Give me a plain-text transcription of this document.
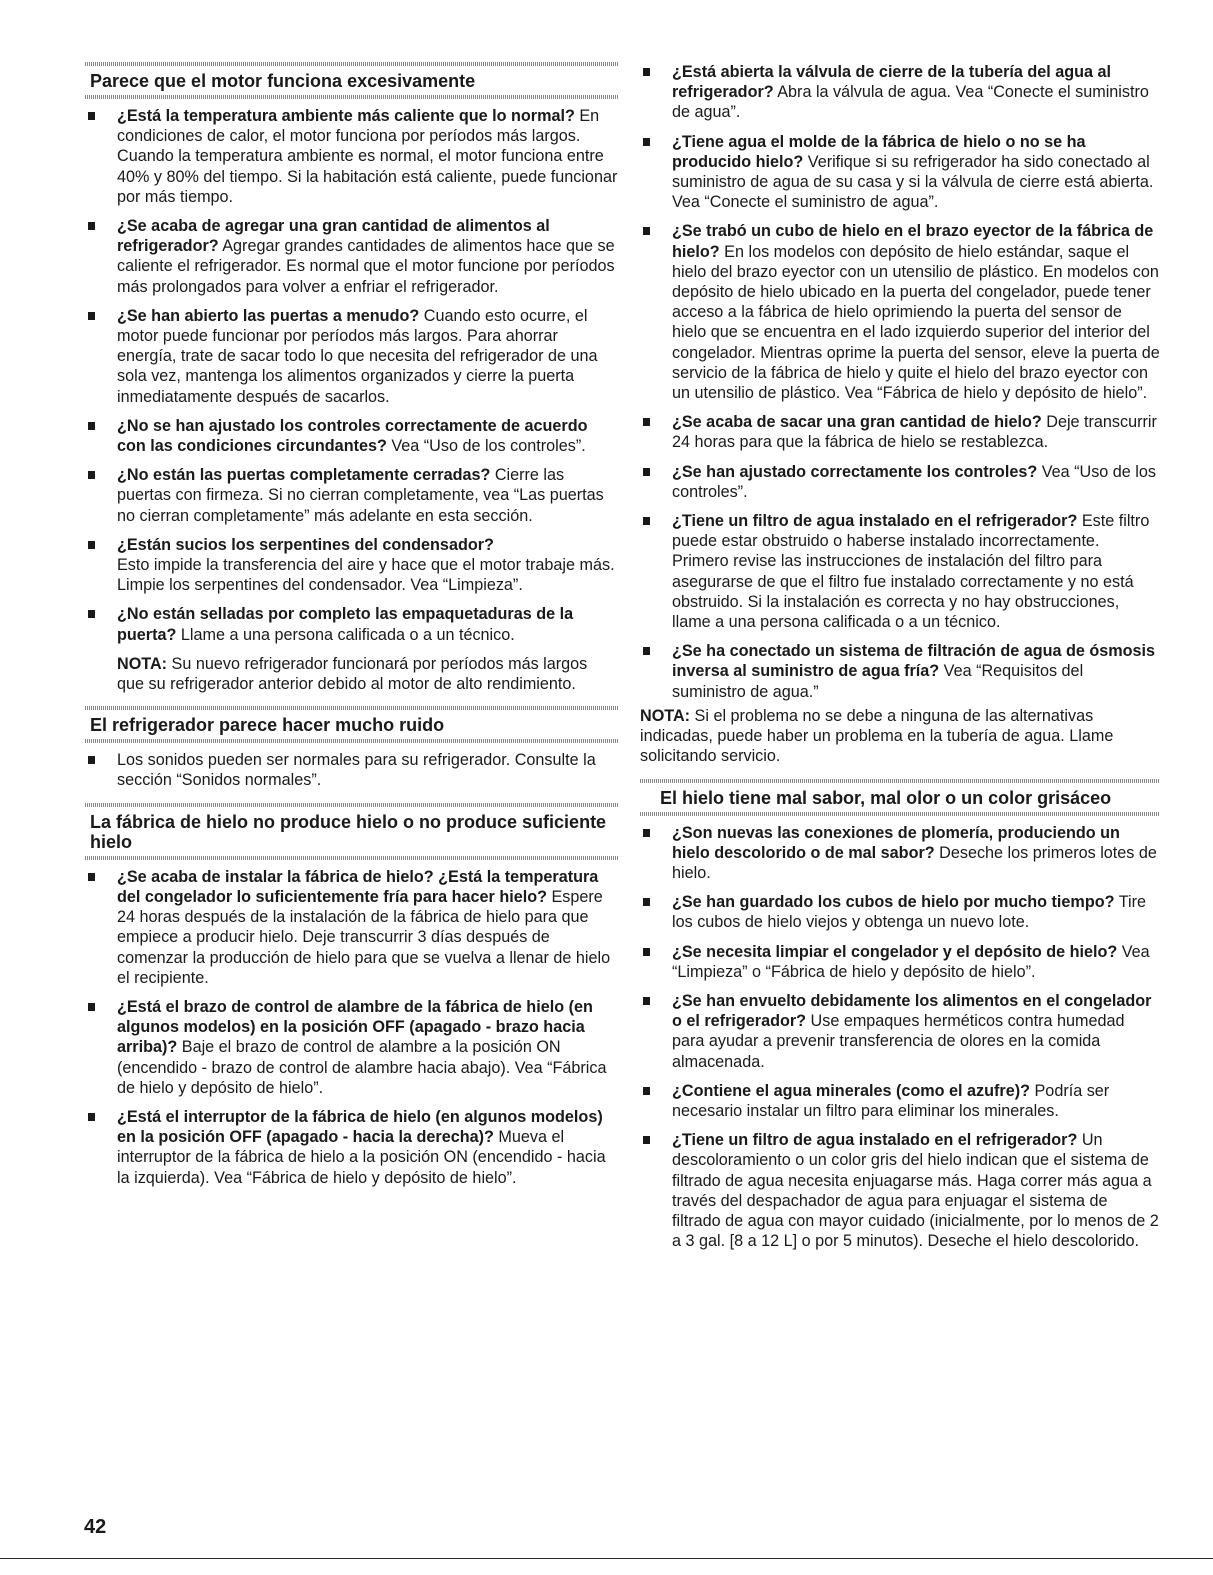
Parece que el motor funciona excesivamente
¿Está la temperatura ambiente más caliente que lo normal? En condiciones de calor, el motor funciona por períodos más largos. Cuando la temperatura ambiente es normal, el motor funciona entre 40% y 80% del tiempo. Si la habitación está caliente, puede funcionar por más tiempo.
¿Se acaba de agregar una gran cantidad de alimentos al refrigerador? Agregar grandes cantidades de alimentos hace que se caliente el refrigerador. Es normal que el motor funcione por períodos más prolongados para volver a enfriar el refrigerador.
¿Se han abierto las puertas a menudo? Cuando esto ocurre, el motor puede funcionar por períodos más largos. Para ahorrar energía, trate de sacar todo lo que necesita del refrigerador de una sola vez, mantenga los alimentos organizados y cierre la puerta inmediatamente después de sacarlos.
¿No se han ajustado los controles correctamente de acuerdo con las condiciones circundantes? Vea “Uso de los controles”.
¿No están las puertas completamente cerradas? Cierre las puertas con firmeza. Si no cierran completamente, vea “Las puertas no cierran completamente” más adelante en esta sección.
¿Están sucios los serpentines del condensador?
Esto impide la transferencia del aire y hace que el motor trabaje más. Limpie los serpentines del condensador. Vea “Limpieza”.
¿No están selladas por completo las empaquetaduras de la puerta? Llame a una persona calificada o a un técnico.

NOTA: Su nuevo refrigerador funcionará por períodos más largos que su refrigerador anterior debido al motor de alto rendimiento.

El refrigerador parece hacer mucho ruido
Los sonidos pueden ser normales para su refrigerador. Consulte la sección “Sonidos normales”.
La fábrica de hielo no produce hielo o no produce suficiente hielo
¿Se acaba de instalar la fábrica de hielo? ¿Está la temperatura del congelador lo suficientemente fría para hacer hielo? Espere 24 horas después de la instalación de la fábrica de hielo para que empiece a producir hielo. Deje transcurrir 3 días después de comenzar la producción de hielo para que se vuelva a llenar de hielo el recipiente.
¿Está el brazo de control de alambre de la fábrica de hielo (en algunos modelos) en la posición OFF (apagado - brazo hacia arriba)? Baje el brazo de control de alambre a la posición ON (encendido - brazo de control de alambre hacia abajo). Vea “Fábrica de hielo y depósito de hielo”.
¿Está el interruptor de la fábrica de hielo (en algunos modelos) en la posición OFF (apagado - hacia la derecha)? Mueva el interruptor de la fábrica de hielo a la posición ON (encendido - hacia la izquierda). Vea “Fábrica de hielo y depósito de hielo”.
¿Está abierta la válvula de cierre de la tubería del agua al refrigerador? Abra la válvula de agua. Vea “Conecte el suministro de agua”.
¿Tiene agua el molde de la fábrica de hielo o no se ha producido hielo? Verifique si su refrigerador ha sido conectado al suministro de agua de su casa y si la válvula de cierre está abierta. Vea “Conecte el suministro de agua”.
¿Se trabó un cubo de hielo en el brazo eyector de la fábrica de hielo? En los modelos con depósito de hielo estándar, saque el hielo del brazo eyector con un utensilio de plástico. En modelos con depósito de hielo ubicado en la puerta del congelador, puede tener acceso a la fábrica de hielo oprimiendo la puerta del sensor de hielo que se encuentra en el lado izquierdo superior del interior del congelador. Mientras oprime la puerta del sensor, eleve la puerta de servicio de la fábrica de hielo y quite el hielo del brazo eyector con un utensilio de plástico. Vea “Fábrica de hielo y depósito de hielo”.
¿Se acaba de sacar una gran cantidad de hielo? Deje transcurrir 24 horas para que la fábrica de hielo se restablezca.
¿Se han ajustado correctamente los controles? Vea “Uso de los controles”.
¿Tiene un filtro de agua instalado en el refrigerador? Este filtro puede estar obstruido o haberse instalado incorrectamente. Primero revise las instrucciones de instalación del filtro para asegurarse de que el filtro fue instalado correctamente y no está obstruido. Si la instalación es correcta y no hay obstrucciones, llame a una persona calificada o a un técnico.
¿Se ha conectado un sistema de filtración de agua de ósmosis inversa al suministro de agua fría? Vea “Requisitos del suministro de agua.”

NOTA: Si el problema no se debe a ninguna de las alternativas indicadas, puede haber un problema en la tubería de agua. Llame solicitando servicio.

El hielo tiene mal sabor, mal olor o un color grisáceo
¿Son nuevas las conexiones de plomería, produciendo un hielo descolorido o de mal sabor? Deseche los primeros lotes de hielo.
¿Se han guardado los cubos de hielo por mucho tiempo? Tire los cubos de hielo viejos y obtenga un nuevo lote.
¿Se necesita limpiar el congelador y el depósito de hielo? Vea “Limpieza” o “Fábrica de hielo y depósito de hielo”.
¿Se han envuelto debidamente los alimentos en el congelador o el refrigerador? Use empaques herméticos contra humedad para ayudar a prevenir transferencia de olores en la comida almacenada.
¿Contiene el agua minerales (como el azufre)? Podría ser necesario instalar un filtro para eliminar los minerales.
¿Tiene un filtro de agua instalado en el refrigerador? Un descoloramiento o un color gris del hielo indican que el sistema de filtrado de agua necesita enjuagarse más. Haga correr más agua a través del despachador de agua para enjuagar el sistema de filtrado de agua con mayor cuidado (inicialmente, por lo menos de 2 a 3 gal. [8 a 12 L] o por 5 minutos). Deseche el hielo descolorido.
42
